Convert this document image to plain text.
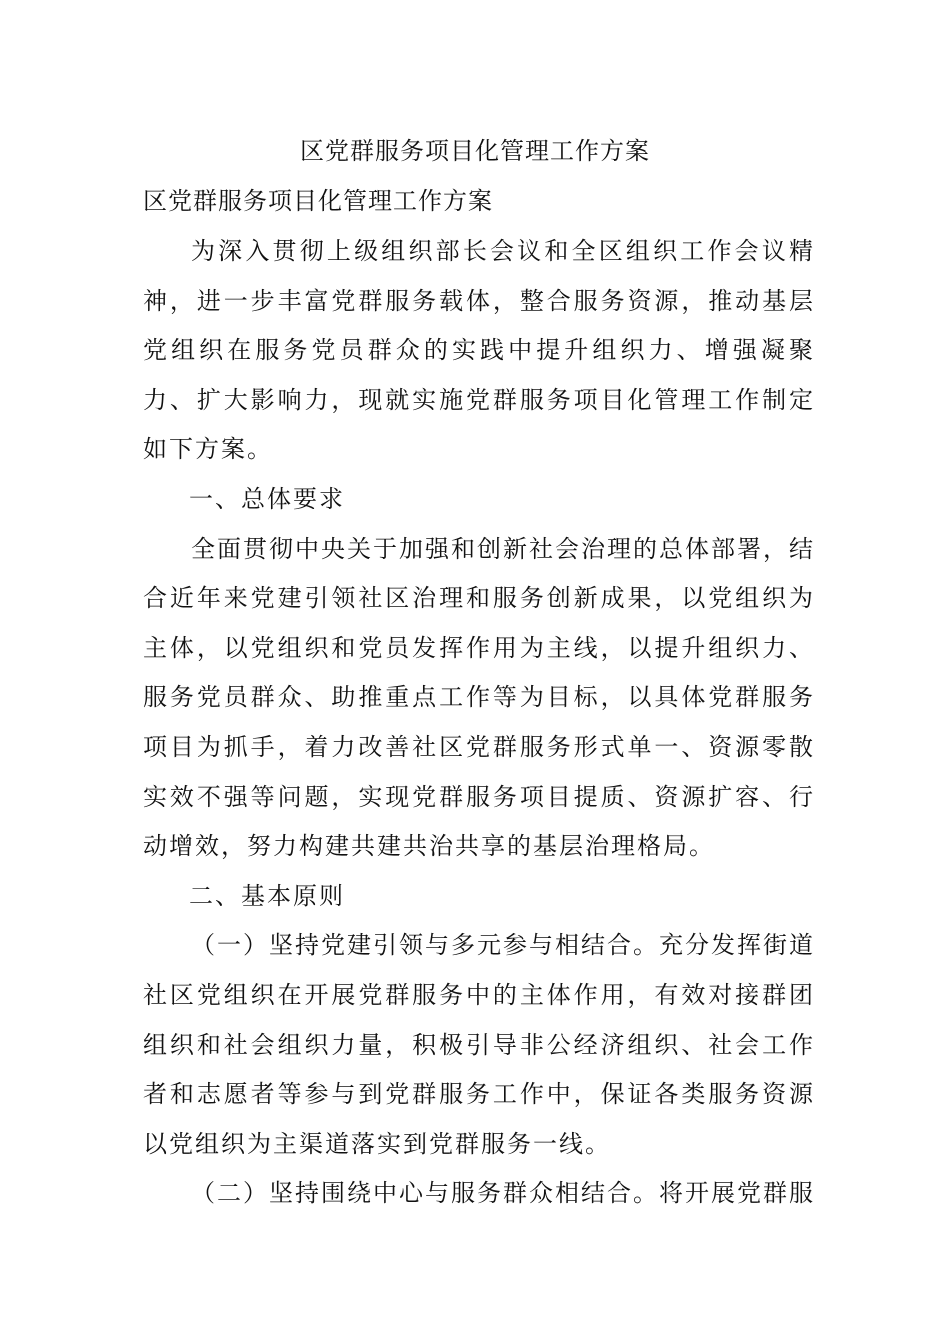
区党群服务项目化管理工作方案
区党群服务项目化管理工作方案

为深入贯彻上级组织部长会议和全区组织工作会议精神，进一步丰富党群服务载体，整合服务资源，推动基层党组织在服务党员群众的实践中提升组织力、增强凝聚力、扩大影响力，现就实施党群服务项目化管理工作制定如下方案。

一、总体要求

全面贯彻中央关于加强和创新社会治理的总体部署，结合近年来党建引领社区治理和服务创新成果，以党组织为主体，以党组织和党员发挥作用为主线，以提升组织力、服务党员群众、助推重点工作等为目标，以具体党群服务项目为抓手，着力改善社区党群服务形式单一、资源零散实效不强等问题，实现党群服务项目提质、资源扩容、行动增效，努力构建共建共治共享的基层治理格局。

二、基本原则

（一）坚持党建引领与多元参与相结合。充分发挥街道社区党组织在开展党群服务中的主体作用，有效对接群团组织和社会组织力量，积极引导非公经济组织、社会工作者和志愿者等参与到党群服务工作中，保证各类服务资源以党组织为主渠道落实到党群服务一线。

（二）坚持围绕中心与服务群众相结合。将开展党群服
